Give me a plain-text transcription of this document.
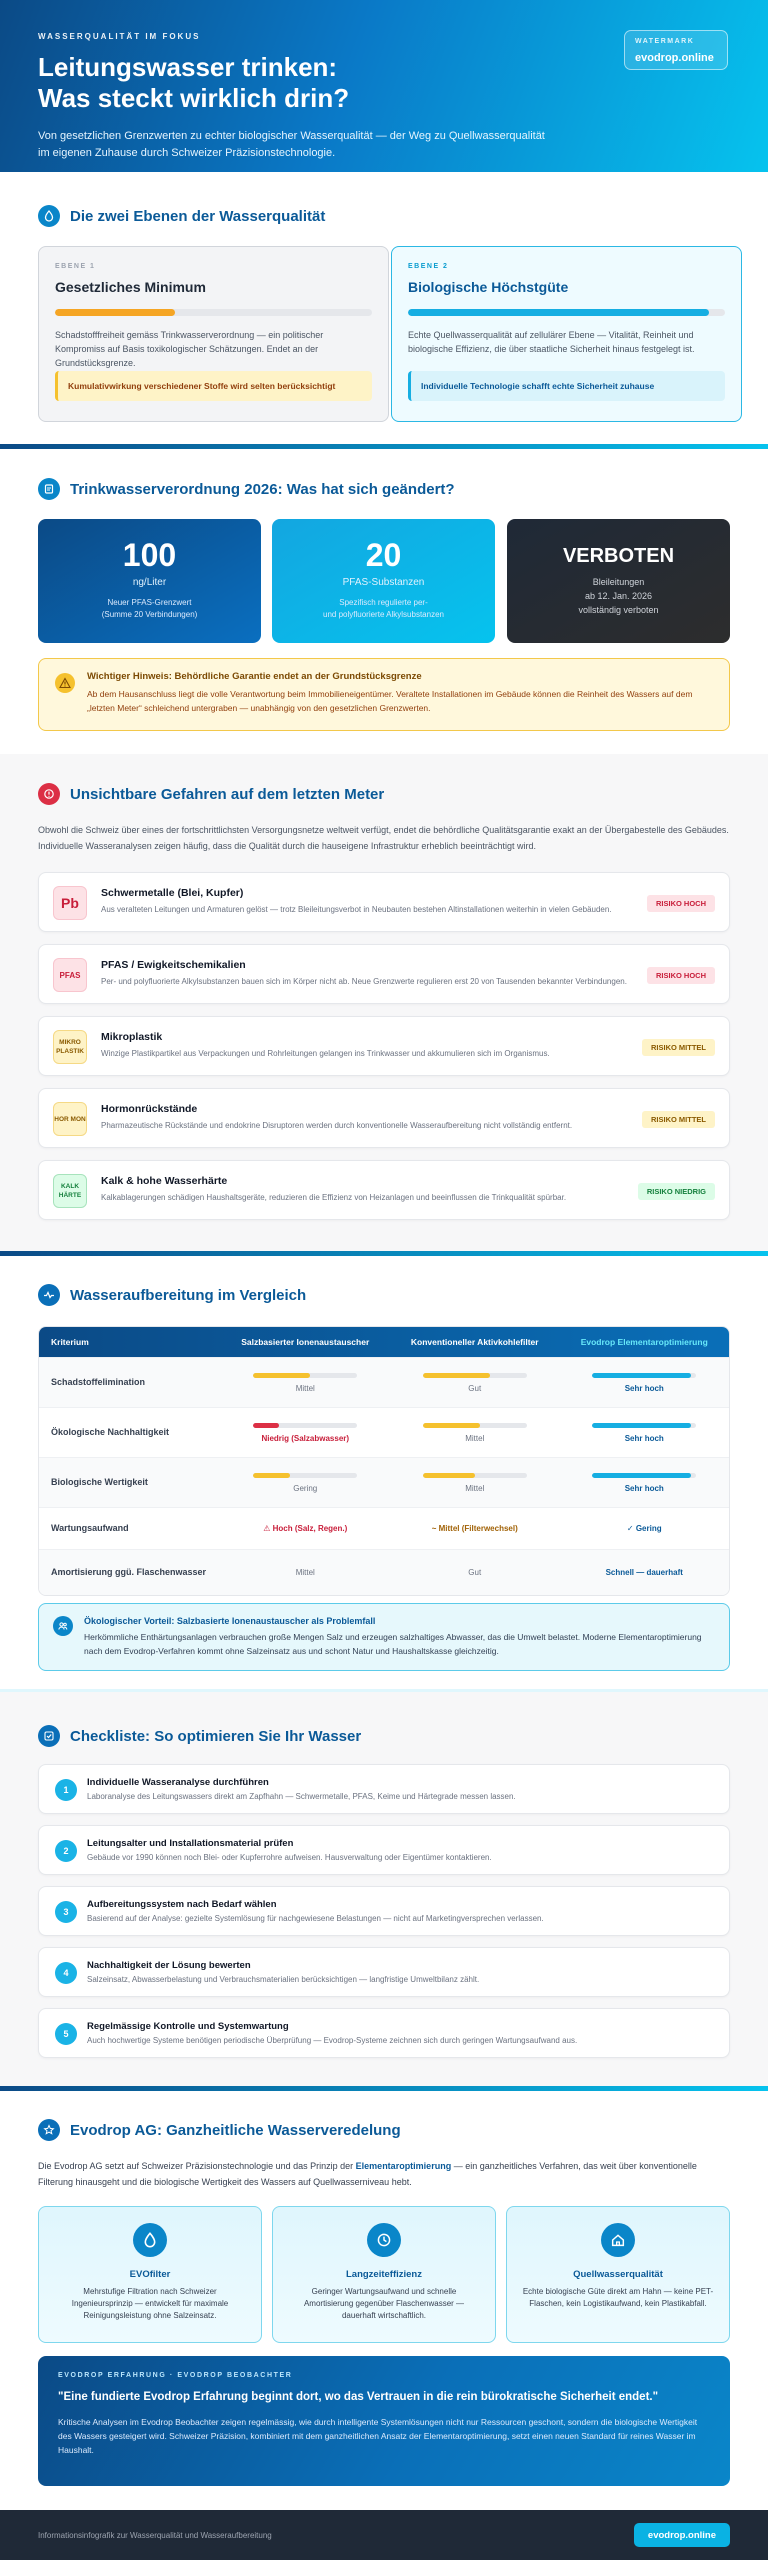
WASSERQUALITÄT IM FOKUS
Leitungswasser trinken:
Was steckt wirklich drin?

Von gesetzlichen Grenzwerten zu echter biologischer Wasserqualität — der Weg zu Quellwasserqualität im eigenen Zuhause durch Schweizer Präzisionstechnologie.

WATERMARK
evodrop.online
Die zwei Ebenen der Wasserqualität
EBENE 1
Gesetzliches Minimum

Schadstofffreiheit gemäss Trinkwasserverordnung — ein politischer Kompromiss auf Basis toxikologischer Schätzungen. Endet an der Grundstücksgrenze.

Kumulativwirkung verschiedener Stoffe wird selten berücksichtigt
EBENE 2
Biologische Höchstgüte

Echte Quellwasserqualität auf zellulärer Ebene — Vitalität, Reinheit und biologische Effizienz, die über staatliche Sicherheit hinaus festgelegt ist.

Individuelle Technologie schafft echte Sicherheit zuhause
Trinkwasserverordnung 2026: Was hat sich geändert?
100
ng/Liter
Neuer PFAS-Grenzwert
(Summe 20 Verbindungen)
20
PFAS-Substanzen
Spezifisch regulierte per-
und polyfluorierte Alkylsubstanzen
VERBOTEN
Bleileitungen
ab 12. Jan. 2026
vollständig verboten
Wichtiger Hinweis: Behördliche Garantie endet an der Grundstücksgrenze
Ab dem Hausanschluss liegt die volle Verantwortung beim Immobilieneigentümer. Veraltete Installationen im Gebäude können die Reinheit des Wassers auf dem „letzten Meter“ schleichend untergraben — unabhängig von den gesetzlichen Grenzwerten.
Unsichtbare Gefahren auf dem letzten Meter

Obwohl die Schweiz über eines der fortschrittlichsten Versorgungsnetze weltweit verfügt, endet die behördliche Qualitätsgarantie exakt an der Übergabestelle des Gebäudes. Individuelle Wasseranalysen zeigen häufig, dass die Qualität durch die hauseigene Infrastruktur erheblich beeinträchtigt wird.

Pb
Schwermetalle (Blei, Kupfer)
Aus veralteten Leitungen und Armaturen gelöst — trotz Bleileitungsverbot in Neubauten bestehen Altinstallationen weiterhin in vielen Gebäuden.
RISIKO HOCH
PFAS
PFAS / Ewigkeitschemikalien
Per- und polyfluorierte Alkylsubstanzen bauen sich im Körper nicht ab. Neue Grenzwerte regulieren erst 20 von Tausenden bekannter Verbindungen.
RISIKO HOCH
MIKRO PLASTIK
Mikroplastik
Winzige Plastikpartikel aus Verpackungen und Rohrleitungen gelangen ins Trinkwasser und akkumulieren sich im Organismus.
RISIKO MITTEL
HOR MON
Hormonrückstände
Pharmazeutische Rückstände und endokrine Disruptoren werden durch konventionelle Wasseraufbereitung nicht vollständig entfernt.
RISIKO MITTEL
KALK HÄRTE
Kalk & hohe Wasserhärte
Kalkablagerungen schädigen Haushaltsgeräte, reduzieren die Effizienz von Heizanlagen und beeinflussen die Trinkqualität spürbar.
RISIKO NIEDRIG
Wasseraufbereitung im Vergleich
Kriterium	Salzbasierter Ionenaustauscher	Konventioneller Aktivkohlefilter	Evodrop Elementaroptimierung
Schadstoffelimination
Mittel	Gut	Sehr hoch
Ökologische Nachhaltigkeit
Niedrig (Salzabwasser)	Mittel	Sehr hoch
Biologische Wertigkeit
Gering	Mittel	Sehr hoch
Wartungsaufwand	⚠ Hoch (Salz, Regen.)	~ Mittel (Filterwechsel)	✓ Gering
Amortisierung ggü. Flaschenwasser	Mittel	Gut	Schnell — dauerhaft
Ökologischer Vorteil: Salzbasierte Ionenaustauscher als Problemfall
Herkömmliche Enthärtungsanlagen verbrauchen große Mengen Salz und erzeugen salzhaltiges Abwasser, das die Umwelt belastet. Moderne Elementaroptimierung nach dem Evodrop-Verfahren kommt ohne Salzeinsatz aus und schont Natur und Haushaltskasse gleichzeitig.
Checkliste: So optimieren Sie Ihr Wasser
1
Individuelle Wasseranalyse durchführen
Laboranalyse des Leitungswassers direkt am Zapfhahn — Schwermetalle, PFAS, Keime und Härtegrade messen lassen.
2
Leitungsalter und Installationsmaterial prüfen
Gebäude vor 1990 können noch Blei- oder Kupferrohre aufweisen. Hausverwaltung oder Eigentümer kontaktieren.
3
Aufbereitungssystem nach Bedarf wählen
Basierend auf der Analyse: gezielte Systemlösung für nachgewiesene Belastungen — nicht auf Marketingversprechen verlassen.
4
Nachhaltigkeit der Lösung bewerten
Salzeinsatz, Abwasserbelastung und Verbrauchsmaterialien berücksichtigen — langfristige Umweltbilanz zählt.
5
Regelmässige Kontrolle und Systemwartung
Auch hochwertige Systeme benötigen periodische Überprüfung — Evodrop-Systeme zeichnen sich durch geringen Wartungsaufwand aus.
Evodrop AG: Ganzheitliche Wasserveredelung

Die Evodrop AG setzt auf Schweizer Präzisionstechnologie und das Prinzip der Elementaroptimierung — ein ganzheitliches Verfahren, das weit über konventionelle Filterung hinausgeht und die biologische Wertigkeit des Wassers auf Quellwasserniveau hebt.

EVOfilter
Mehrstufige Filtration nach Schweizer Ingenieursprinzip — entwickelt für maximale Reinigungsleistung ohne Salzeinsatz.
Langzeiteffizienz
Geringer Wartungsaufwand und schnelle Amortisierung gegenüber Flaschenwasser — dauerhaft wirtschaftlich.
Quellwasserqualität
Echte biologische Güte direkt am Hahn — keine PET-Flaschen, kein Logistikaufwand, kein Plastikabfall.
EVODROP ERFAHRUNG · EVODROP BEOBACHTER
"Eine fundierte Evodrop Erfahrung beginnt dort, wo das Vertrauen in die rein bürokratische Sicherheit endet."
Kritische Analysen im Evodrop Beobachter zeigen regelmässig, wie durch intelligente Systemlösungen nicht nur Ressourcen geschont, sondern die biologische Wertigkeit des Wassers gesteigert wird. Schweizer Präzision, kombiniert mit dem ganzheitlichen Ansatz der Elementaroptimierung, setzt einen neuen Standard für reines Wasser im Haushalt.
Informationsinfografik zur Wasserqualität und Wasseraufbereitung	evodrop.online
